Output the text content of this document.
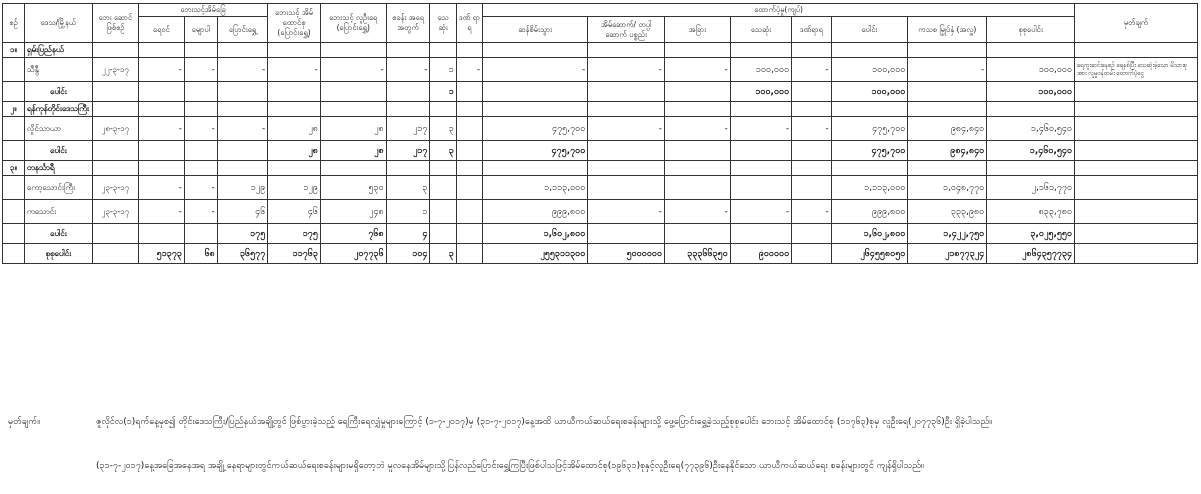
စဥ်	ဒေသ/မြို့နယ်	ဘေး ဆောင် ဖြစ်စဉ်	ဘေးသင့်အိမ်ခြေ			ဘေးသင့် အိမ် ထောင်စု (ပြောင်းရွှေ့)	ဘေးသင့် လူဦးရေ (ပြောင်းရွှေ့)	စခန်း အရေ အတွက်	သေ ဆုံး	ဒဏ် ရာ ရ	ထောက်ပံ့မှု(ကျပ်)								မှတ်ချက်
			ရေဝင်	မျောပါ	ပြောင်းရွှေ့						ဆန်စိမ်းသွား	အိမ်ဆောက်/ တပ္ပါဆောက် ပစ္စည်း	အခြား	သေဆုံး	ဒဏ်ရာရ	ပေါင်း	ကသစ မြှုပ်နှံ (အလှူ)	စုစုပေါင်း	
၁။	ရှမ်းပြည်နယ်																		
	သီနွီ	၂၂-၃-၁၇	-	-	-	-	-	-	၁	-	-	-	-	၁၀၀,၀၀၀	-	၁၀၀,၀၀၀	-	၁၀၀,၀၀၀	ရေကူးဆင်းနေစဉ် ရေနစ်ပြီး သေဆုံးခဲ့သော မိသားစုအား လူမှုဝန်ထမ်း ထောက်ပံ့ငွေ
	ပေါင်း								၁					၁၀၀,၀၀၀		၁၀၀,၀၀၀		၁၀၀,၀၀၀	
၂။	ရန်ကုန်တိုင်းဒေသကြီး																		
	လှိုင်သာယာ	၂၈-၃-၁၇	-	-	-	၂၈	၂၈	၂၁၇	၃		၄၇၅,၇၀၀	-	-	-	-	၄၇၅,၇၀၀	၉၈၄,၈၄၀	၁,၄၆၀,၅၄၀	
	ပေါင်း					၂၈	၂၈	၂၁၇	၃		၄၇၅,၇၀၀					၄၇၅,၇၀၀	၉၈၄,၈၄၀	၁,၄၆၀,၅၄၀	
၃။	တနင်္သာရီ																		
	ကော့သောင်းကြီး	၂၃-၃-၁၇	-	-	၁၂၉	၁၂၉	၅၃၀	၃			၁,၁၁၃,၀၀၀					၁,၁၁၃,၀၀၀	၁,၀၄၈,၇၇၀	၂,၁၆၁,၇၇၀	
	ကသောင်း	၂၃-၃-၁၇	-	-	၄၆	၄၆	၂၄၈	၁			၉၉၉,၈၀၀	-	-	-	-	၉၉၉,၈၀၀	၃၃၃,၉၈၀	၈၃၃,၇၈၀	
	ပေါင်း				၁၇၅	၁၇၅	၇၆၈	၄			၁,၆၀၂,၈၀၀					၁,၆၀၂,၈၀၀	၁,၄၂၂,၇၅၀	၃,၀၂၅,၅၅၀	
	စုစုပေါင်း		၅၁၃၇၃	၆၈	၃၆၅၇၇	၁၁၇၆၃	၂၀၇၇၃၆	၁၀၄	၃		၂၅၅၃၁၁၃၀၀	၅၀၀၀၀၀၀	၃၃၃၆၆၃၅၀	၉၀၀၀၀၀		၂၆၄၅၅၈၀၅၀	၂၁၈၇၇၃၂၄	၂၈၆၄၃၅၇၇၃၄	
မှတ်ချက်။	ဇူလိုင်လ(၁)ရက်နေ့မှစ၍ တိုင်းဒေသကြီး/ပြည်နယ်အချို့တွင် ဖြစ်ပွားခဲ့သည့် ရေကြီးရေလျှံမှုများကြောင့် (၁-၇-၂၀၁၇)မှ (၃၁-၇-၂၀၁၇)နေ့အထိ ယာယီကယ်ဆယ်ရေးစခန်းများသို့ ဖွေ့ပြောင်းရွှေ့ခဲ့သည့်စုစုပေါင်း ဘေးသင့် အိမ်ထောင်စု (၁၁၇၆၃)စုမှ လူဦးရေ(၂၀၇၇၃၆)ဦး ရှိခဲ့ပါသည်။
(၃၁-၇-၂၀၁၇)နေ့အခြေအနေအရ အချို့ နေရာများတွင်ကယ်ဆယ်ရေးစခန်းများမရှိတော့ဘဲ မူလနေအိမ်များသို့ပြန်လည်ပြောင်းရွှေ့ကြပြီးဖြစ်ပါသဖြင့်အိမ်ထောင်စု(၁၉၆၃၁)စုနှင့်လူဦးရေ(၇၇၃၉၆)ဦးနေနိုင်သော ယာယီကယ်ဆယ်ရေး စခန်းများတွင် ကျန်ရှိပါသည်။
